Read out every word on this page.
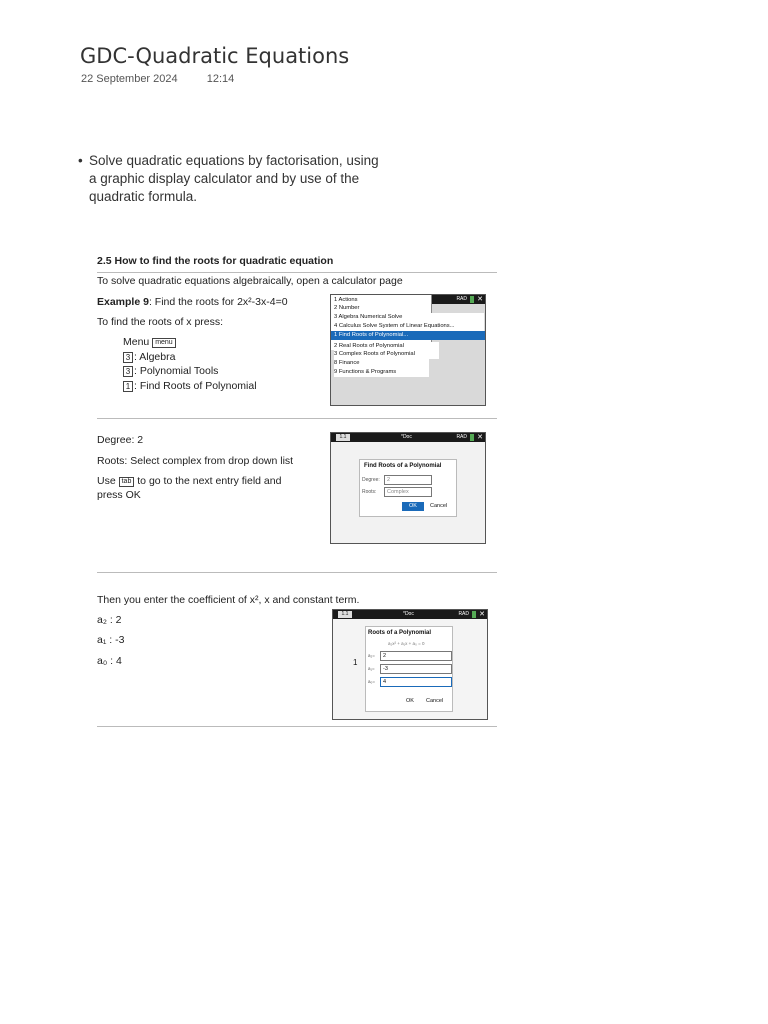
GDC-Quadratic Equations
22 September 2024	12:14
• Solve quadratic equations by factorisation, using a graphic display calculator and by use of the quadratic formula.
2.5 How to find the roots for quadratic equation
To solve quadratic equations algebraically, open a calculator page
Example 9: Find the roots for 2x²-3x-4=0
To find the roots of x press:
Menu menu
3 : Algebra
3 : Polynomial Tools
1 : Find Roots of Polynomial
RAD ✕
1 Actions
2 Number
3 Algebra Numerical Solve
4 Calculus Solve System of Linear Equations...
1 Find Roots of Polynomial...
2 Real Roots of Polynomial
3 Complex Roots of Polynomial
8 Finance
9 Functions & Programs
Degree: 2
Roots: Select complex from drop down list
Use tab to go to the next entry field and
press OK
1.1	*Doc	RAD ✕
Find Roots of a Polynomial
Degree:	2
Roots:	Complex
OK	Cancel
Then you enter the coefficient of x², x and constant term.
a₂ : 2
a₁ : -3
a₀ : 4
1.1	*Doc	RAD ✕
1
Roots of a Polynomial
a₂x² + a₁x + a₀ = 0
a₂=	2
a₁=	-3
a₀=	4
OK Cancel
